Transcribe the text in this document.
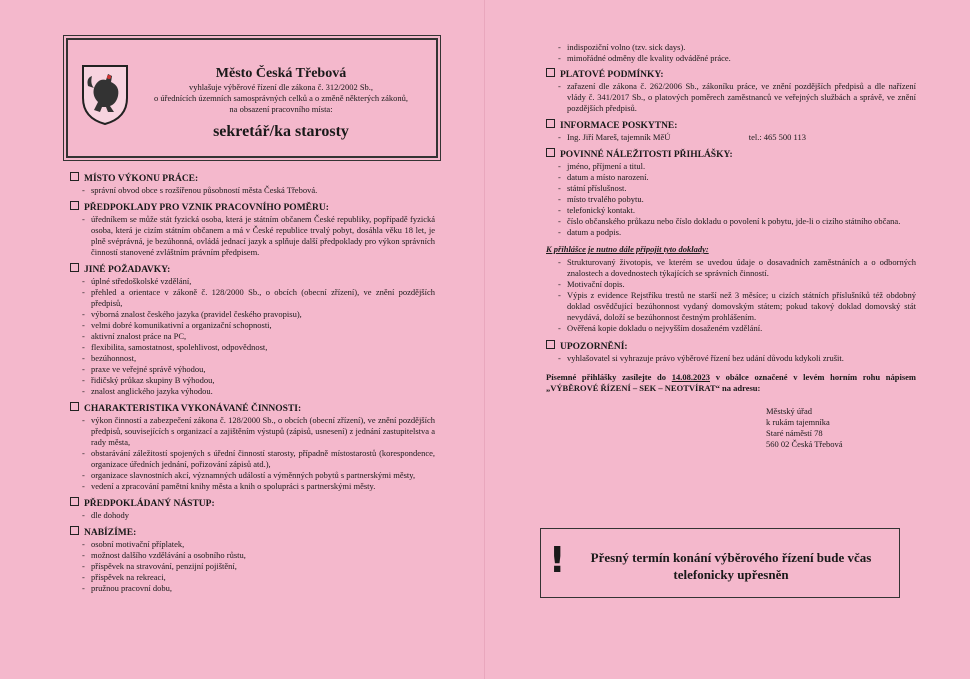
Město Česká Třebová
vyhlašuje výběrové řízení dle zákona č. 312/2002 Sb.,
o úřednících územních samosprávných celků a o změně některých zákonů,
na obsazení pracovního místa:
sekretář/ka starosty
MÍSTO VÝKONU PRÁCE:
- správní obvod obce s rozšířenou působností města Česká Třebová.
PŘEDPOKLADY PRO VZNIK PRACOVNÍHO POMĚRU:
- úředníkem se může stát fyzická osoba, která je státním občanem České republiky, popřípadě fyzická osoba, která je cizím státním občanem a má v České republice trvalý pobyt, dosáhla věku 18 let, je plně svéprávná, je bezúhonná, ovládá jednací jazyk a splňuje další předpoklady pro výkon správních činností stanovené zvláštním právním předpisem.
JINÉ POŽADAVKY:
- úplné středoškolské vzdělání,
- přehled a orientace v zákoně č. 128/2000 Sb., o obcích (obecní zřízení), ve znění pozdějších předpisů,
- výborná znalost českého jazyka (pravidel českého pravopisu),
- velmi dobré komunikativní a organizační schopnosti,
- aktivní znalost práce na PC,
- flexibilita, samostatnost, spolehlivost, odpovědnost,
- bezúhonnost,
- praxe ve veřejné správě výhodou,
- řidičský průkaz skupiny B výhodou,
- znalost anglického jazyka výhodou.
CHARAKTERISTIKA VYKONÁVANÉ ČINNOSTI:
- výkon činností a zabezpečení zákona č. 128/2000 Sb., o obcích (obecní zřízení), ve znění pozdějších předpisů, souvisejících s organizací a zajištěním výstupů (zápisů, usnesení) z jednání zastupitelstva a rady města,
- obstarávání záležitostí spojených s úřední činností starosty, případně místostarostů (korespondence, organizace úředních jednání, pořizování zápisů atd.),
- organizace slavnostních akcí, významných událostí a výměnných pobytů s partnerskými městy,
- vedení a zpracování pamětní knihy města a knih o spolupráci s partnerskými městy.
PŘEDPOKLÁDANÝ NÁSTUP:
- dle dohody
NABÍZÍME:
- osobní motivační příplatek,
- možnost dalšího vzdělávání a osobního růstu,
- příspěvek na stravování, penzijní pojištění,
- příspěvek na rekreaci,
- pružnou pracovní dobu,
- indispoziční volno (tzv. sick days).
- mimořádné odměny dle kvality odváděné práce.
PLATOVÉ PODMÍNKY:
- zařazení dle zákona č. 262/2006 Sb., zákoníku práce, ve znění pozdějších předpisů a dle nařízení vlády č. 341/2017 Sb., o platových poměrech zaměstnanců ve veřejných službách a správě, ve znění pozdějších předpisů.
INFORMACE POSKYTNE:
- Ing. Jiří Mareš, tajemník MěÚ	tel.: 465 500 113
POVINNÉ NÁLEŽITOSTI PŘIHLÁŠKY:
- jméno, příjmení a titul.
- datum a místo narození.
- státní příslušnost.
- místo trvalého pobytu.
- telefonický kontakt.
- číslo občanského průkazu nebo číslo dokladu o povolení k pobytu, jde-li o cizího státního občana.
- datum a podpis.
K přihlášce je nutno dále připojit tyto doklady:
- Strukturovaný životopis, ve kterém se uvedou údaje o dosavadních zaměstnáních a o odborných znalostech a dovednostech týkajících se správních činností.
- Motivační dopis.
- Výpis z evidence Rejstříku trestů ne starší než 3 měsíce; u cizích státních příslušníků též obdobný doklad osvědčující bezúhonnost vydaný domovským státem; pokud takový doklad domovský stát nevydává, doloží se bezúhonnost čestným prohlášením.
- Ověřená kopie dokladu o nejvyšším dosaženém vzdělání.
UPOZORNĚNÍ:
- vyhlašovatel si vyhrazuje právo výběrové řízení bez udání důvodu kdykoli zrušit.
Písemné přihlášky zasílejte do 14.08.2023 v obálce označené v levém horním rohu nápisem „VÝBĚROVÉ ŘÍZENÍ – SEK – NEOTVÍRAT“ na adresu:
Městský úřad
k rukám tajemníka
Staré náměstí 78
560 02 Česká Třebová
!	Přesný termín konání výběrového řízení bude včas telefonicky upřesněn
